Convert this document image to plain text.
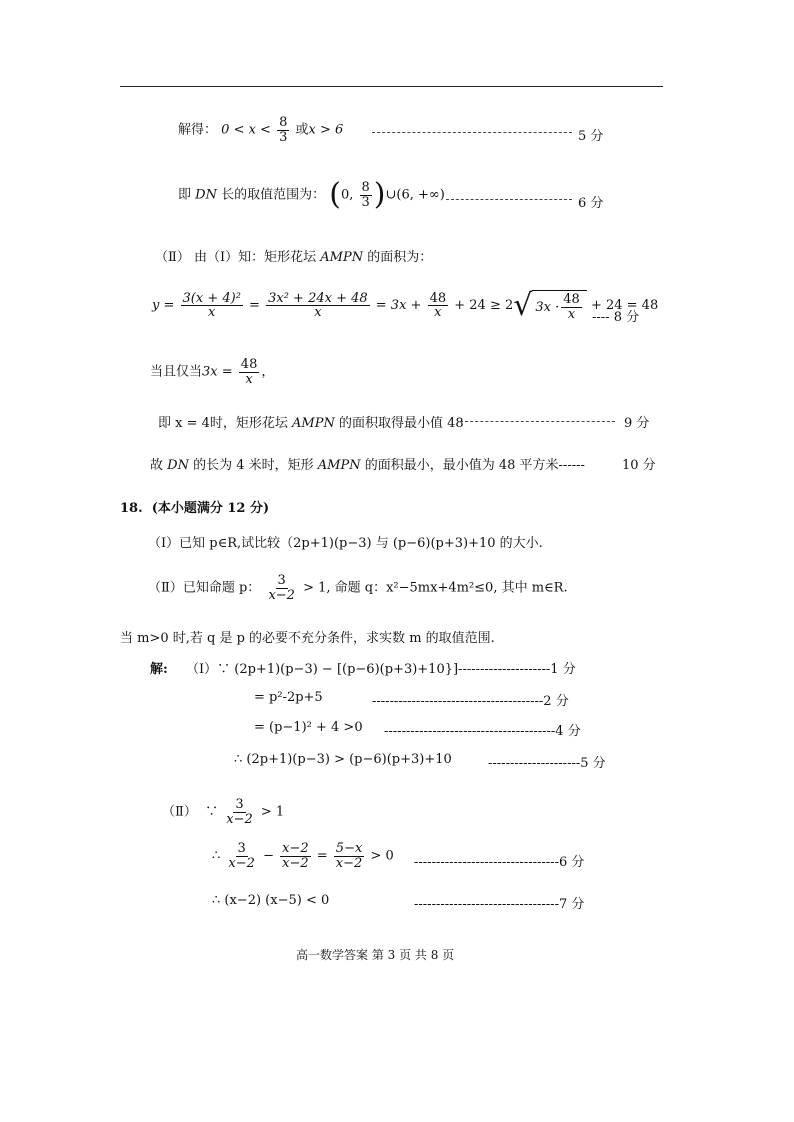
解得： $0 < x < \frac{8}{3}$ 或x > 6	5 分
即 DN 长的取值范围为： (0, $\frac{8}{3}$ )∪(6, +∞)
6 分
（Ⅱ） 由（Ⅰ）知：矩形花坛 AMPN 的面积为：
$y = \frac{\text{3(x + 4)²}}{x} = \frac{\text{3x² + 24x + 48}}{x} = 3x + \frac{48}{x} + 24 \ge 2$ √ $3x \cdot \frac{48}{x} + 24 = 48$
---- 8 分
当且仅当$3x = \frac{48}{x}$ ，
即 x = 4时，矩形花坛 AMPN 的面积取得最小值 48	9 分
故 DN 的长为 4 米时，矩形 AMPN 的面积最小，最小值为 48 平方米------	10 分
18. (本小题满分 12 分)
（Ⅰ）已知 p∈R,试比较（2p+1)(p−3) 与 (p−6)(p+3)+10 的大小.
（Ⅱ）已知命题 p： $\frac{3}{x-2} > 1$, 命题 q：x²−5mx+4m²≤0, 其中 m∈R.
当 m>0 时,若 q 是 p 的必要不充分条件，求实数 m 的取值范围.
解: （Ⅰ）∵ (2p+1)(p−3) − [(p−6)(p+3)+10}]---------------------1 分
= p²-2p+5	---------------------------------------2 分
= (p−1)² + 4 >0 ---------------------------------------4 分
∴ (2p+1)(p−3) > (p−6)(p+3)+10	---------------------5 分
（Ⅱ） ∵ $\frac{3}{x-2} > 1$
∴ $\frac{3}{x-2} - \frac{x-2}{x-2} = \frac{5-x}{x-2} > 0$ ---------------------------------6 分
∴ (x−2) (x−5) < 0	---------------------------------7 分
高一数学答案 第 3 页 共 8 页
